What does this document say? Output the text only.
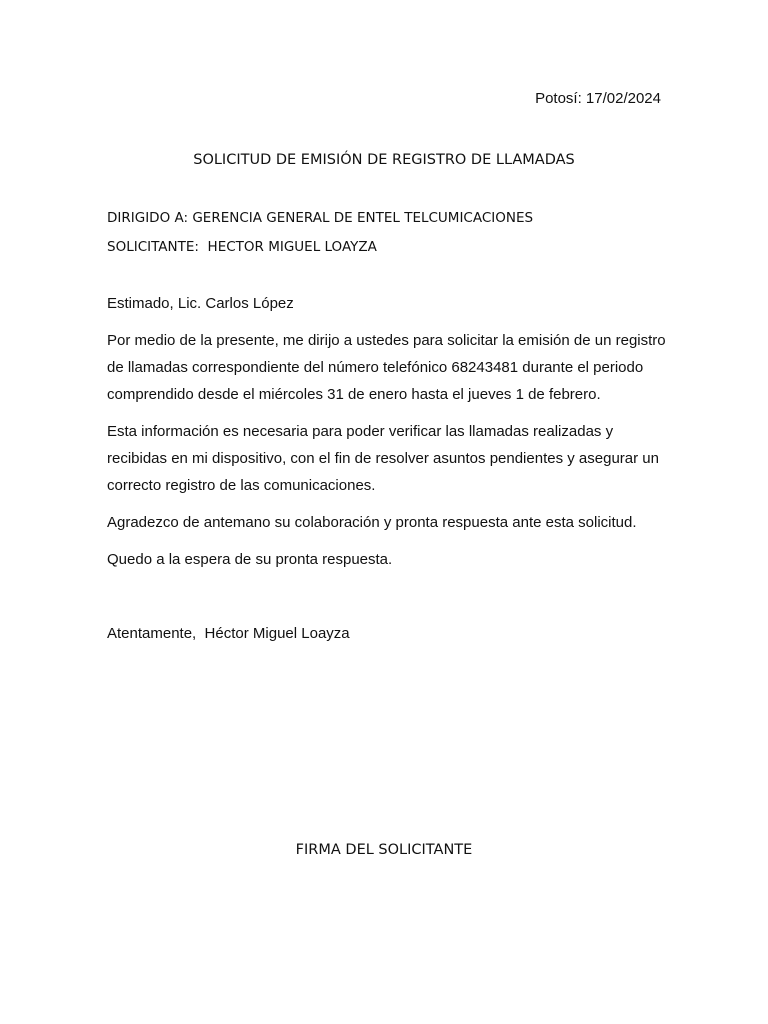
Potosí: 17/02/2024
SOLICITUD DE EMISIÓN DE REGISTRO DE LLAMADAS
DIRIGIDO A: GERENCIA GENERAL DE ENTEL TELCUMICACIONES
SOLICITANTE:  HECTOR MIGUEL LOAYZA

Estimado, Lic. Carlos López

Por medio de la presente, me dirijo a ustedes para solicitar la emisión de un registro de llamadas correspondiente del número telefónico 68243481 durante el periodo comprendido desde el miércoles 31 de enero hasta el jueves 1 de febrero.

Esta información es necesaria para poder verificar las llamadas realizadas y recibidas en mi dispositivo, con el fin de resolver asuntos pendientes y asegurar un correcto registro de las comunicaciones.

Agradezco de antemano su colaboración y pronta respuesta ante esta solicitud.

Quedo a la espera de su pronta respuesta.

Atentamente,  Héctor Miguel Loayza

FIRMA DEL SOLICITANTE
